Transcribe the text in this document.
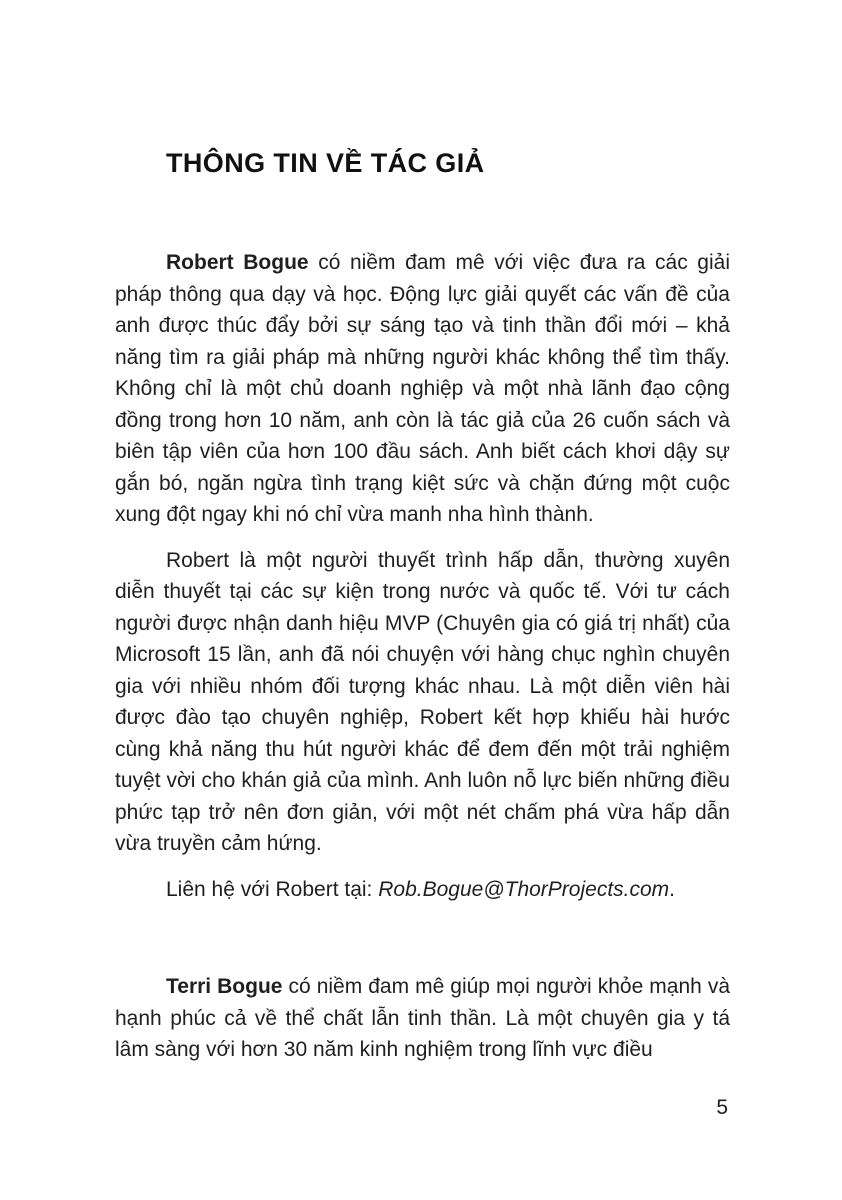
THÔNG TIN VỀ TÁC GIẢ

Robert Bogue có niềm đam mê với việc đưa ra các giải pháp thông qua dạy và học. Động lực giải quyết các vấn đề của anh được thúc đẩy bởi sự sáng tạo và tinh thần đổi mới – khả năng tìm ra giải pháp mà những người khác không thể tìm thấy. Không chỉ là một chủ doanh nghiệp và một nhà lãnh đạo cộng đồng trong hơn 10 năm, anh còn là tác giả của 26 cuốn sách và biên tập viên của hơn 100 đầu sách. Anh biết cách khơi dậy sự gắn bó, ngăn ngừa tình trạng kiệt sức và chặn đứng một cuộc xung đột ngay khi nó chỉ vừa manh nha hình thành.

Robert là một người thuyết trình hấp dẫn, thường xuyên diễn thuyết tại các sự kiện trong nước và quốc tế. Với tư cách người được nhận danh hiệu MVP (Chuyên gia có giá trị nhất) của Microsoft 15 lần, anh đã nói chuyện với hàng chục nghìn chuyên gia với nhiều nhóm đối tượng khác nhau. Là một diễn viên hài được đào tạo chuyên nghiệp, Robert kết hợp khiếu hài hước cùng khả năng thu hút người khác để đem đến một trải nghiệm tuyệt vời cho khán giả của mình. Anh luôn nỗ lực biến những điều phức tạp trở nên đơn giản, với một nét chấm phá vừa hấp dẫn vừa truyền cảm hứng.

Liên hệ với Robert tại: Rob.Bogue@ThorProjects.com.

Terri Bogue có niềm đam mê giúp mọi người khỏe mạnh và hạnh phúc cả về thể chất lẫn tinh thần. Là một chuyên gia y tá lâm sàng với hơn 30 năm kinh nghiệm trong lĩnh vực điều

5
